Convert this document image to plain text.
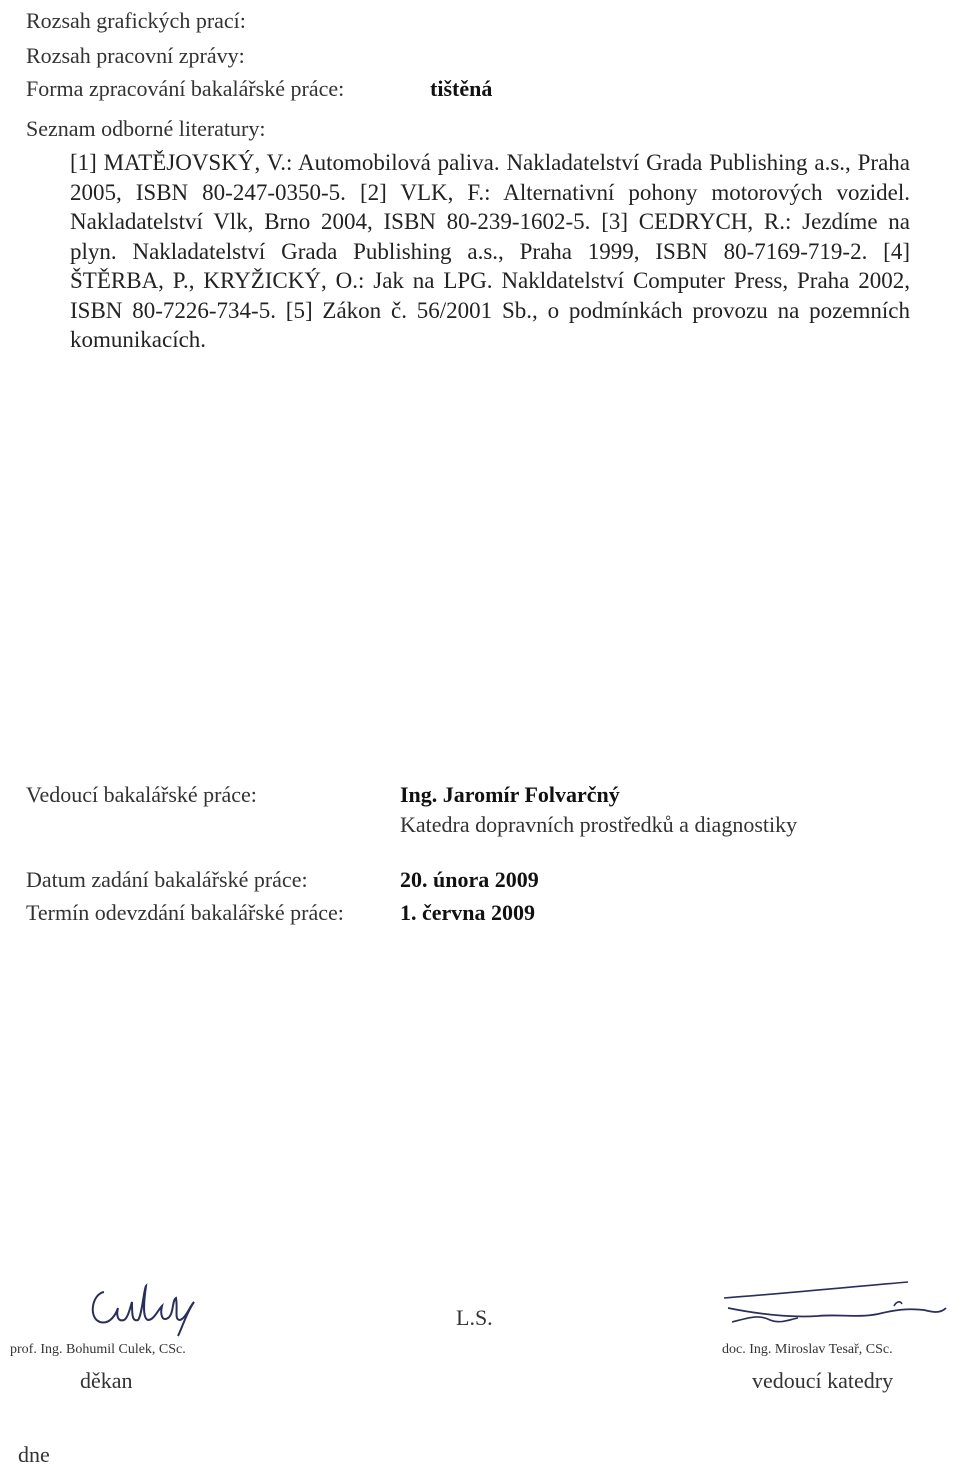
Rozsah grafických prací:
Rozsah pracovní zprávy:
Forma zpracování bakalářské práce:	tištěná
Seznam odborné literatury:
[1] MATĚJOVSKÝ, V.: Automobilová paliva. Nakladatelství Grada Publishing a.s., Praha 2005, ISBN 80-247-0350-5. [2] VLK, F.: Alternativní pohony motorových vozidel. Nakladatelství Vlk, Brno 2004, ISBN 80-239-1602-5. [3] CEDRYCH, R.: Jezdíme na plyn. Nakladatelství Grada Publishing a.s., Praha 1999, ISBN 80-7169-719-2. [4] ŠTĚRBA, P., KRYŽICKÝ, O.: Jak na LPG. Nakldatelství Computer Press, Praha 2002, ISBN 80-7226-734-5. [5] Zákon č. 56/2001 Sb., o podmínkách provozu na pozemních komunikacích.
Vedoucí bakalářské práce:	Ing. Jaromír Folvarčný
Katedra dopravních prostředků a diagnostiky
Datum zadání bakalářské práce:	20. února 2009
Termín odevzdání bakalářské práce:	1. června 2009
prof. Ing. Bohumil Culek, CSc.
děkan
L.S.
doc. Ing. Miroslav Tesař, CSc.
vedoucí katedry
dne
